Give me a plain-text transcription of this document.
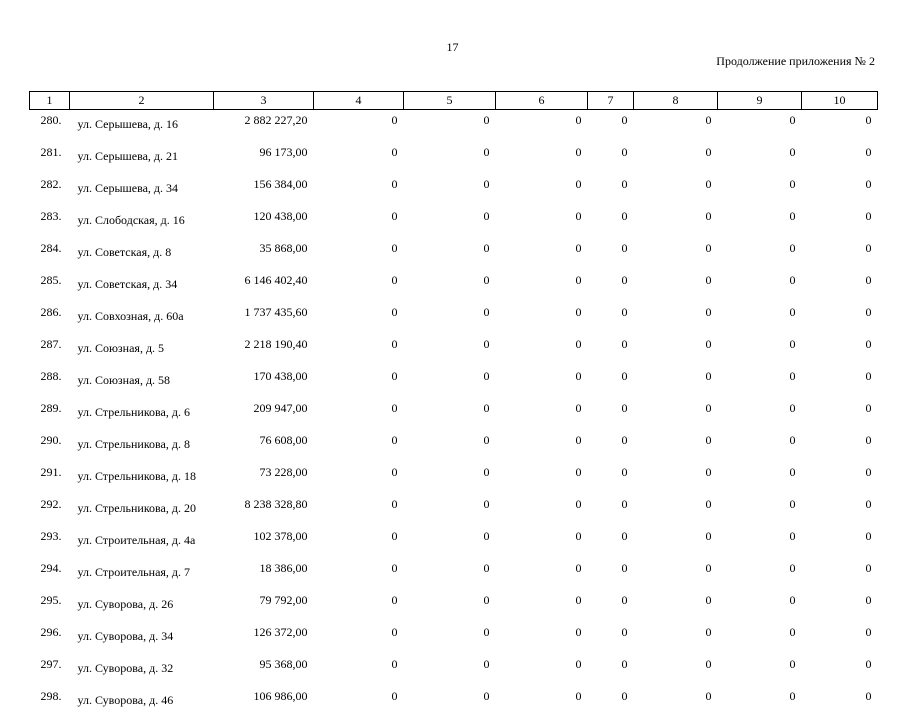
17
Продолжение приложения № 2
1	2	3	4	5	6	7	8	9	10
280.	ул. Серышева, д. 16	2 882 227,20	0	0	0	0	0	0	0
281.	ул. Серышева, д. 21	96 173,00	0	0	0	0	0	0	0
282.	ул. Серышева, д. 34	156 384,00	0	0	0	0	0	0	0
283.	ул. Слободская, д. 16	120 438,00	0	0	0	0	0	0	0
284.	ул. Советская, д. 8	35 868,00	0	0	0	0	0	0	0
285.	ул. Советская, д. 34	6 146 402,40	0	0	0	0	0	0	0
286.	ул. Совхозная, д. 60а	1 737 435,60	0	0	0	0	0	0	0
287.	ул. Союзная, д. 5	2 218 190,40	0	0	0	0	0	0	0
288.	ул. Союзная, д. 58	170 438,00	0	0	0	0	0	0	0
289.	ул. Стрельникова, д. 6	209 947,00	0	0	0	0	0	0	0
290.	ул. Стрельникова, д. 8	76 608,00	0	0	0	0	0	0	0
291.	ул. Стрельникова, д. 18	73 228,00	0	0	0	0	0	0	0
292.	ул. Стрельникова, д. 20	8 238 328,80	0	0	0	0	0	0	0
293.	ул. Строительная, д. 4а	102 378,00	0	0	0	0	0	0	0
294.	ул. Строительная, д. 7	18 386,00	0	0	0	0	0	0	0
295.	ул. Суворова, д. 26	79 792,00	0	0	0	0	0	0	0
296.	ул. Суворова, д. 34	126 372,00	0	0	0	0	0	0	0
297.	ул. Суворова, д. 32	95 368,00	0	0	0	0	0	0	0
298.	ул. Суворова, д. 46	106 986,00	0	0	0	0	0	0	0
